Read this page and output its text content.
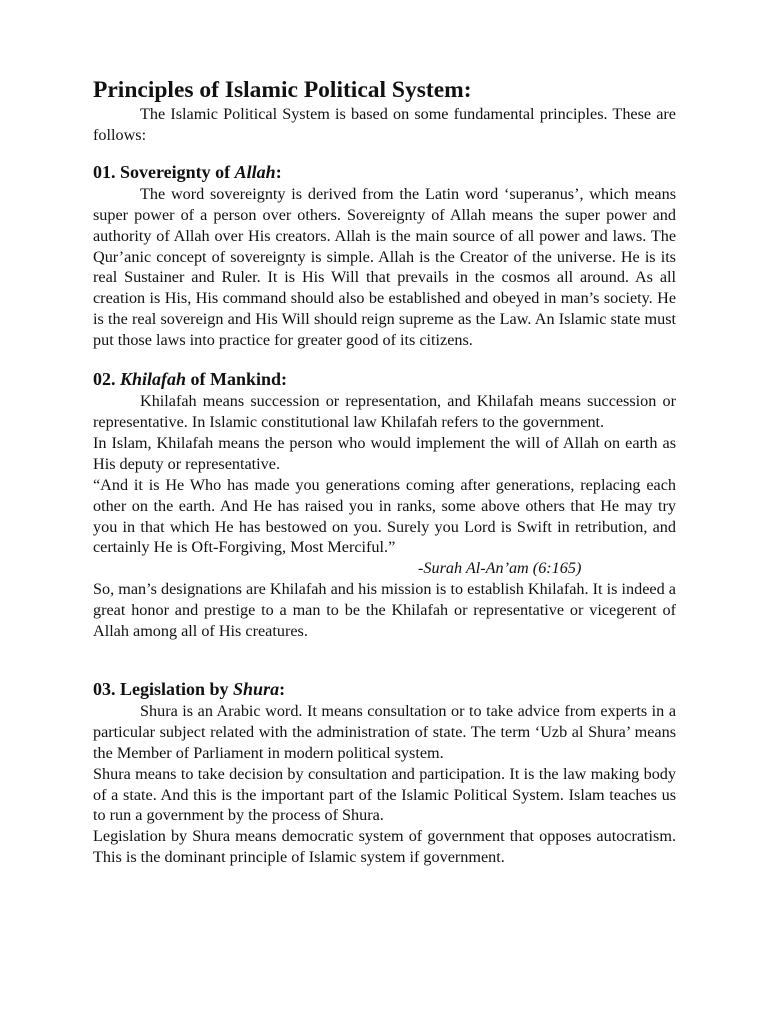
Principles of Islamic Political System:

The Islamic Political System is based on some fundamental principles. These are follows:

01. Sovereignty of Allah:

The word sovereignty is derived from the Latin word ‘superanus’, which means super power of a person over others. Sovereignty of Allah means the super power and authority of Allah over His creators. Allah is the main source of all power and laws. The Qur’anic concept of sovereignty is simple. Allah is the Creator of the universe. He is its real Sustainer and Ruler. It is His Will that prevails in the cosmos all around. As all creation is His, His command should also be established and obeyed in man’s society. He is the real sovereign and His Will should reign supreme as the Law. An Islamic state must put those laws into practice for greater good of its citizens.

02. Khilafah of Mankind:

Khilafah means succession or representation, and Khilafah means succession or representative. In Islamic constitutional law Khilafah refers to the government.

In Islam, Khilafah means the person who would implement the will of Allah on earth as His deputy or representative.

“And it is He Who has made you generations coming after generations, replacing each other on the earth. And He has raised you in ranks, some above others that He may try you in that which He has bestowed on you. Surely you Lord is Swift in retribution, and certainly He is Oft-Forgiving, Most Merciful.”

-Surah Al-An’am (6:165)

So, man’s designations are Khilafah and his mission is to establish Khilafah. It is indeed a great honor and prestige to a man to be the Khilafah or representative or vicegerent of Allah among all of His creatures.

03. Legislation by Shura:

Shura is an Arabic word. It means consultation or to take advice from experts in a particular subject related with the administration of state. The term ‘Uzb al Shura’ means the Member of Parliament in modern political system.

Shura means to take decision by consultation and participation. It is the law making body of a state. And this is the important part of the Islamic Political System. Islam teaches us to run a government by the process of Shura.

Legislation by Shura means democratic system of government that opposes autocratism. This is the dominant principle of Islamic system if government.
